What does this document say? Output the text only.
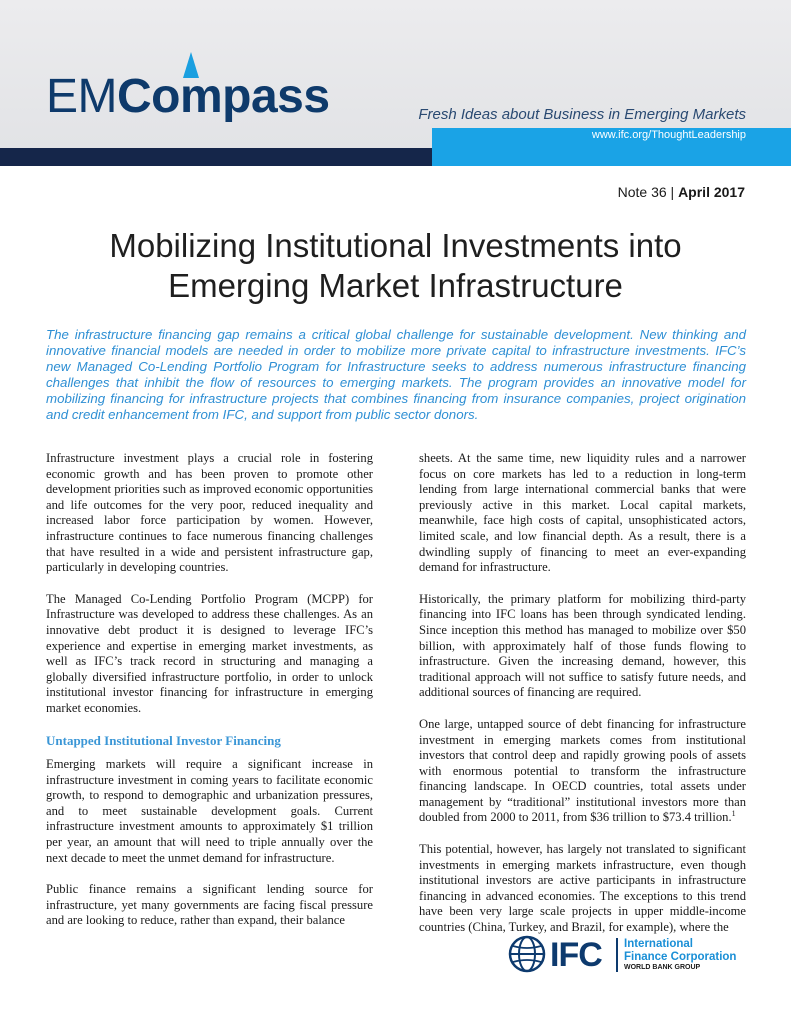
EMCompass	Fresh Ideas about Business in Emerging Markets
www.ifc.org/ThoughtLeadership
Note 36 | April 2017
Mobilizing Institutional Investments into
Emerging Market Infrastructure
The infrastructure financing gap remains a critical global challenge for sustainable development. New thinking and innovative financial models are needed in order to mobilize more private capital to infrastructure investments. IFC’s new Managed Co-Lending Portfolio Program for Infrastructure seeks to address numerous infrastructure financing challenges that inhibit the flow of resources to emerging markets. The program provides an innovative model for mobilizing financing for infrastructure projects that combines financing from insurance companies, project origination and credit enhancement from IFC, and support from public sector donors.

Infrastructure investment plays a crucial role in fostering economic growth and has been proven to promote other development priorities such as improved economic opportunities and life outcomes for the very poor, reduced inequality and increased labor force participation by women. However, infrastructure continues to face numerous financing challenges that have resulted in a wide and persistent infrastructure gap, particularly in developing countries.

The Managed Co-Lending Portfolio Program (MCPP) for Infrastructure was developed to address these challenges. As an innovative debt product it is designed to leverage IFC’s experience and expertise in emerging market investments, as well as IFC’s track record in structuring and managing a globally diversified infrastructure portfolio, in order to unlock institutional investor financing for infrastructure in emerging market economies.

Untapped Institutional Investor Financing

Emerging markets will require a significant increase in infrastructure investment in coming years to facilitate economic growth, to respond to demographic and urbanization pressures, and to meet sustainable development goals. Current infrastructure investment amounts to approximately $1 trillion per year, an amount that will need to triple annually over the next decade to meet the unmet demand for infrastructure.

Public finance remains a significant lending source for infrastructure, yet many governments are facing fiscal pressure and are looking to reduce, rather than expand, their balance

sheets. At the same time, new liquidity rules and a narrower focus on core markets has led to a reduction in long-term lending from large international commercial banks that were previously active in this market. Local capital markets, meanwhile, face high costs of capital, unsophisticated actors, limited scale, and low financial depth. As a result, there is a dwindling supply of financing to meet an ever-expanding demand for infrastructure.

Historically, the primary platform for mobilizing third-party financing into IFC loans has been through syndicated lending. Since inception this method has managed to mobilize over $50 billion, with approximately half of those funds flowing to infrastructure. Given the increasing demand, however, this traditional approach will not suffice to satisfy future needs, and additional sources of financing are required.

One large, untapped source of debt financing for infrastructure investment in emerging markets comes from institutional investors that control deep and rapidly growing pools of assets with enormous potential to transform the infrastructure financing landscape. In OECD countries, total assets under management by “traditional” institutional investors more than doubled from 2000 to 2011, from $36 trillion to $73.4 trillion.$^1$

This potential, however, has largely not translated to significant investments in emerging markets infrastructure, even though institutional investors are active participants in infrastructure financing in advanced economies. The exceptions to this trend have been very large scale projects in upper middle-income countries (China, Turkey, and Brazil, for example), where the

IFC International
Finance Corporation
WORLD BANK GROUP
